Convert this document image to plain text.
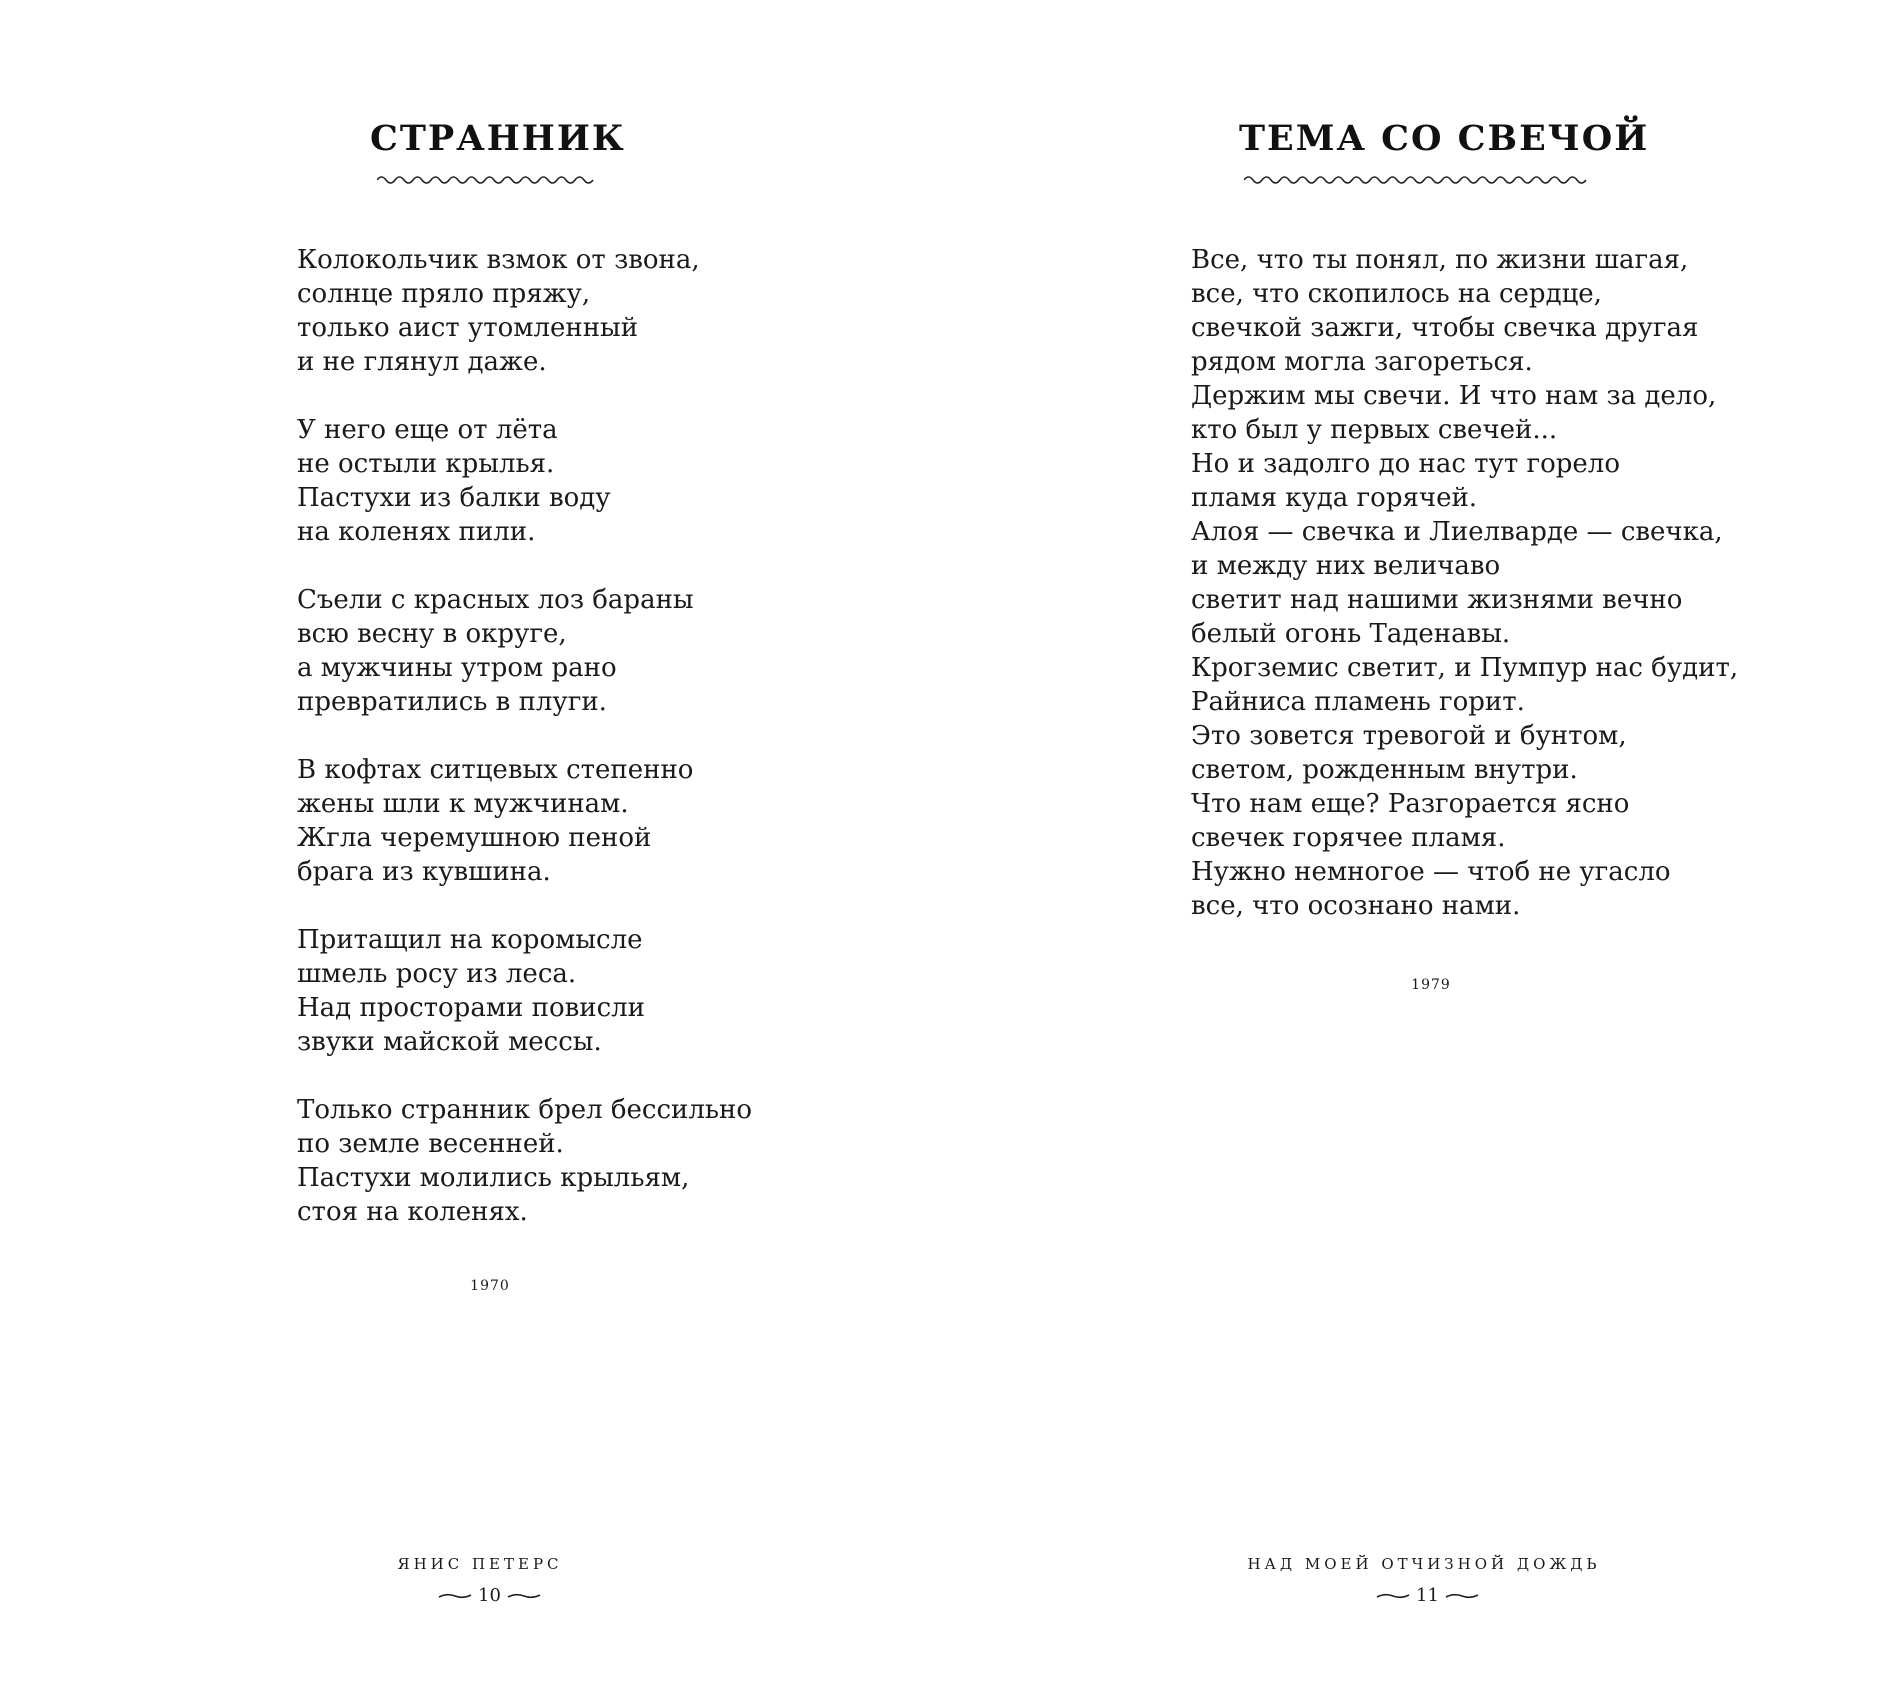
СТРАННИК
Колокольчик взмок от звона,
солнце пряло пряжу,
только аист утомленный
и не глянул даже.
У него еще от лёта
не остыли крылья.
Пастухи из балки воду
на коленях пили.
Съели с красных лоз бараны
всю весну в округе,
а мужчины утром рано
превратились в плуги.
В кофтах ситцевых степенно
жены шли к мужчинам.
Жгла черемушною пеной
брага из кувшина.
Притащил на коромысле
шмель росу из леса.
Над просторами повисли
звуки майской мессы.
Только странник брел бессильно
по земле весенней.
Пастухи молились крыльям,
стоя на коленях.
1970
ЯНИС ПЕТЕРС
10
ТЕМА СО СВЕЧОЙ
Все, что ты понял, по жизни шагая,
все, что скопилось на сердце,
свечкой зажги, чтобы свечка другая
рядом могла загореться.
Держим мы свечи. И что нам за дело,
кто был у первых свечей...
Но и задолго до нас тут горело
пламя куда горячей.
Алоя — свечка и Лиелварде — свечка,
и между них величаво
светит над нашими жизнями вечно
белый огонь Таденавы.
Крогземис светит, и Пумпур нас будит,
Райниса пламень горит.
Это зовется тревогой и бунтом,
светом, рожденным внутри.
Что нам еще? Разгорается ясно
свечек горячее пламя.
Нужно немногое — чтоб не угасло
все, что осознано нами.
1979
НАД МОЕЙ ОТЧИЗНОЙ ДОЖДЬ
11
